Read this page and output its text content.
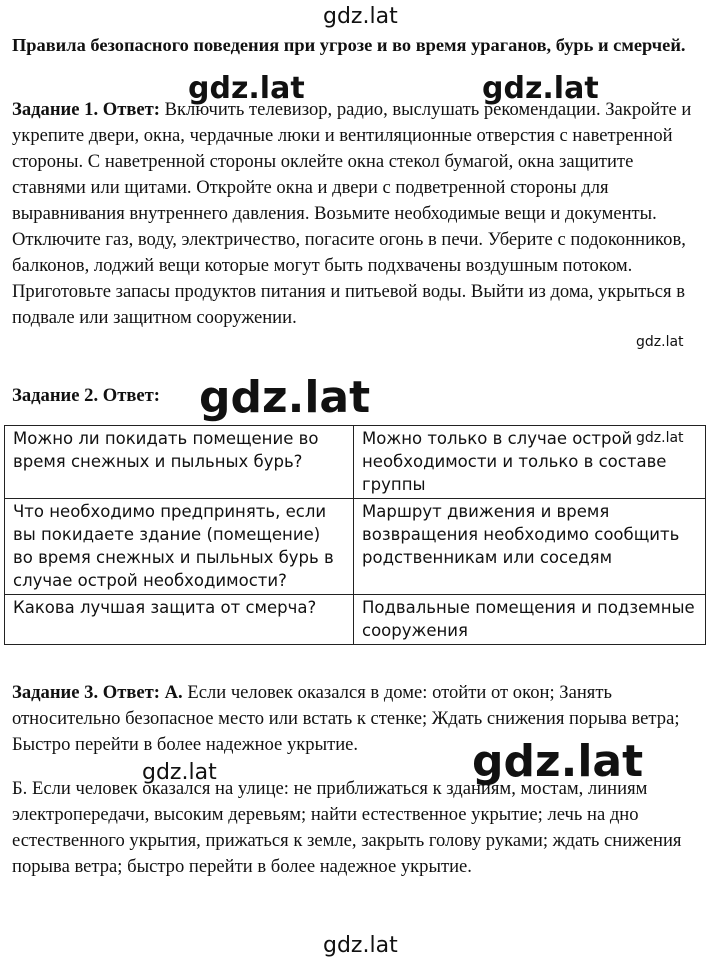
gdz.lat
Правила безопасного поведения при угрозе и во время ураганов, бурь и смерчей.
gdz.lat	gdz.lat

Задание 1. Ответ: Включить телевизор, радио, выслушать рекомендации. Закройте и укрепите двери, окна, чердачные люки и вентиляционные отверстия с наветренной стороны. С наветренной стороны оклейте окна стекол бумагой, окна защитите ставнями или щитами. Откройте окна и двери с подветренной стороны для выравнивания внутреннего давления. Возьмите необходимые вещи и документы. Отключите газ, воду, электричество, погасите огонь в печи. Уберите с подоконников, балконов, лоджий вещи которые могут быть подхвачены воздушным потоком. Приготовьте запасы продуктов питания и питьевой воды. Выйти из дома, укрыться в подвале или защитном сооружении.

gdz.lat
Задание 2. Ответ: gdz.lat
Можно ли покидать помещение во время снежных и пыльных бурь?	Можно только в случае острой необходимости и только в составе группы
Что необходимо предпринять, если вы покидаете здание (помещение) во время снежных и пыльных бурь в случае острой необходимости?	Маршрут движения и время возвращения необходимо сообщить родственникам или соседям
Какова лучшая защита от смерча?	Подвальные помещения и подземные сооружения
gdz.lat

Задание 3. Ответ: А. Если человек оказался в доме: отойти от окон; Занять относительно безопасное место или встать к стенке; Ждать снижения порыва ветра; Быстро перейти в более надежное укрытие.	gdz.lat
gdz.lat

Б. Если человек оказался на улице: не приближаться к зданиям, мостам, линиям электропередачи, высоким деревьям; найти естественное укрытие; лечь на дно естественного укрытия, прижаться к земле, закрыть голову руками; ждать снижения порыва ветра; быстро перейти в более надежное укрытие.

gdz.lat
